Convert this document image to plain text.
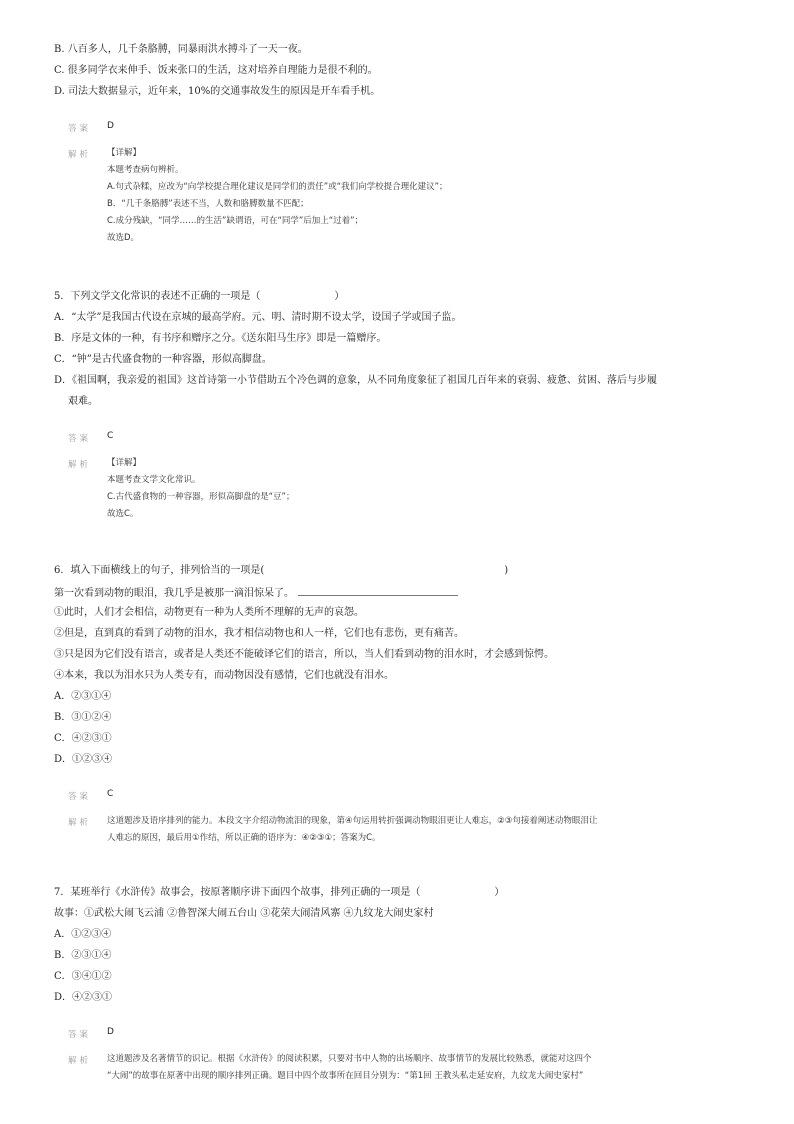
B. 八百多人，几千条胳膊，同暴雨洪水搏斗了一天一夜。
C. 很多同学衣来伸手、饭来张口的生活，这对培养自理能力是很不利的。
D. 司法大数据显示，近年来，10%的交通事故发生的原因是开车看手机。
答案 D
解析 【详解】
本题考查病句辨析。
A.句式杂糅，应改为“向学校提合理化建议是同学们的责任”或“我们向学校提合理化建议”；
B．“几千条胳膊”表述不当，人数和胳膊数量不匹配；
C.成分残缺，“同学……的生活”缺谓语，可在“同学”后加上“过着”；
故选D。
5．下列文学文化常识的表述不正确的一项是（	）
A．“太学”是我国古代设在京城的最高学府。元、明、清时期不设太学，设国子学或国子监。
B．序是文体的一种，有书序和赠序之分。《送东阳马生序》即是一篇赠序。
C．“钟”是古代盛食物的一种容器，形似高脚盘。
D．《祖国啊，我亲爱的祖国》这首诗第一小节借助五个冷色调的意象，从不同角度象征了祖国几百年来的衰弱、疲惫、贫困、落后与步履
艰难。
答案 C
解析 【详解】
本题考查文学文化常识。
C.古代盛食物的一种容器，形似高脚盘的是“豆”；
故选C。
6．填入下面横线上的句子，排列恰当的一项是(	)
第一次看到动物的眼泪，我几乎是被那一滴泪惊呆了。
①此时，人们才会相信，动物更有一种为人类所不理解的无声的哀怨。
②但是，直到真的看到了动物的泪水，我才相信动物也和人一样，它们也有悲伤，更有痛苦。
③只是因为它们没有语言，或者是人类还不能破译它们的语言，所以，当人们看到动物的泪水时，才会感到惊愕。
④本来，我以为泪水只为人类专有，而动物因没有感情，它们也就没有泪水。
A．②③①④
B．③①②④
C．④②③①
D．①②③④
答案 C
解析 这道题涉及语序排列的能力。本段文字介绍动物流泪的现象，第④句运用转折强调动物眼泪更让人难忘，②③句接着阐述动物眼泪让
人难忘的原因，最后用①作结，所以正确的语序为：④②③①；答案为C。
7．某班举行《水浒传》故事会，按原著顺序讲下面四个故事，排列正确的一项是（	）
故事：①武松大闹飞云浦 ②鲁智深大闹五台山 ③花荣大闹清风寨 ④九纹龙大闹史家村
A．①②③④
B．②③①④
C．③④①②
D．④②③①
答案 D
解析 这道题涉及名著情节的识记。根据《水浒传》的阅读积累，只要对书中人物的出场顺序、故事情节的发展比较熟悉，就能对这四个
“大闹”的故事在原著中出现的顺序排列正确。题目中四个故事所在回目分别为：“第1回 王教头私走延安府，九纹龙大闹史家村”
